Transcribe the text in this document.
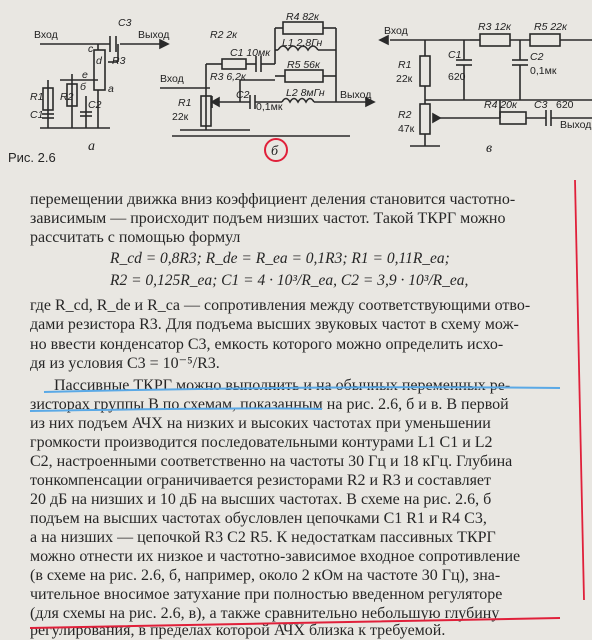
Вход	Выход
C3
c
d R3
e
a
R1 R2
C1
б
C2
а
R4 82к
R2 2к
L1 2,8Гн
C1 10мк
R3 6,2к
R5 56к
Вход
R1
22к
C2
0,1мк
L2 8мГн Выход
б
Вход	R3 12к R5 22к
C1
620
C2
0,1мк
R1
22к
R4 20к C3 620
R2
47к	Выход
в
Рис. 2.6
перемещении движка вниз коэффициент деления становится частотно-
зависимым — происходит подъем низших частот. Такой ТКРГ можно
рассчитать с помощью формул
R_cd = 0,8R3; R_de = R_ea = 0,1R3; R1 = 0,11R_ea;
R2 = 0,125R_ea; C1 = 4 · 10³/R_ea, C2 = 3,9 · 10³/R_ea,
где R_cd, R_de и R_ca — сопротивления между соответствующими отво-
дами резистора R3. Для подъема высших звуковых частот в схему мож-
но ввести конденсатор C3, емкость которого можно определить исхо-
дя из условия C3 = 10⁻⁵/R3.
Пассивные ТКРГ можно выполнить и на обычных переменных ре-
зисторах группы В по схемам, показанным на рис. 2.6, б и в. В первой
из них подъем АЧХ на низких и высоких частотах при уменьшении
громкости производится последовательными контурами L1 C1 и L2
C2, настроенными соответственно на частоты 30 Гц и 18 кГц. Глубина
тонкомпенсации ограничивается резисторами R2 и R3 и составляет
20 дБ на низших и 10 дБ на высших частотах. В схеме на рис. 2.6, б
подъем на высших частотах обусловлен цепочками C1 R1 и R4 C3,
а на низших — цепочкой R3 C2 R5. К недостаткам пассивных ТКРГ
можно отнести их низкое и частотно-зависимое входное сопротивление
(в схеме на рис. 2.6, б, например, около 2 кОм на частоте 30 Гц), зна-
чительное вносимое затухание при полностью введенном регуляторе
(для схемы на рис. 2.6, в), а также сравнительно небольшую глубину
регулирования, в пределах которой АЧХ близка к требуемой.
